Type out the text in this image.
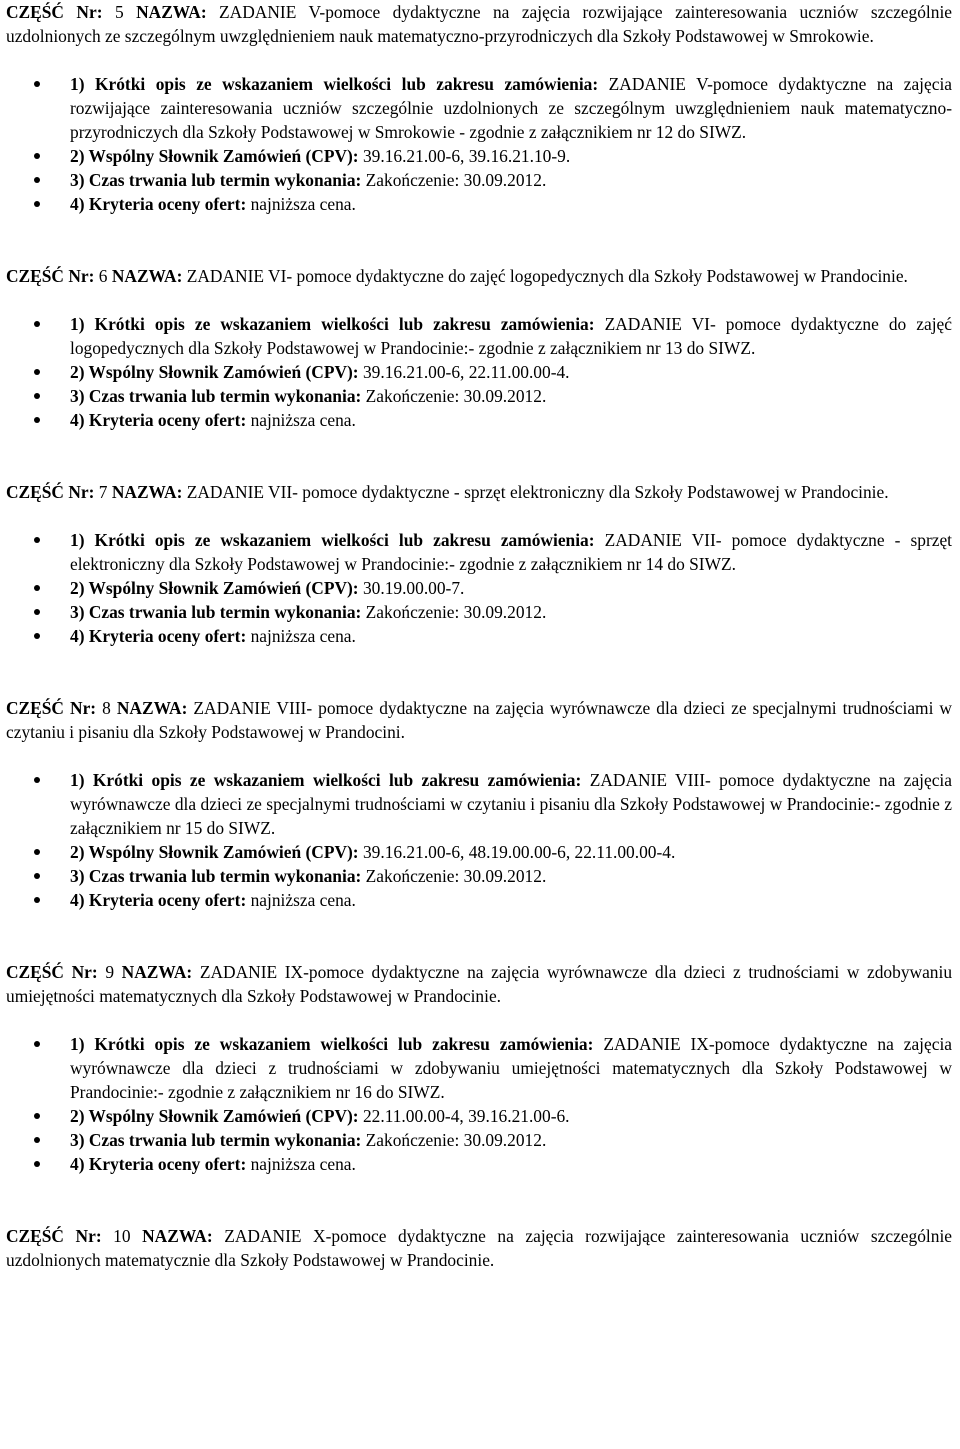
CZĘŚĆ Nr: 5 NAZWA: ZADANIE V-pomoce dydaktyczne na zajęcia rozwijające zainteresowania uczniów szczególnie uzdolnionych ze szczególnym uwzględnieniem nauk matematyczno-przyrodniczych dla Szkoły Podstawowej w Smrokowie.

1) Krótki opis ze wskazaniem wielkości lub zakresu zamówienia: ZADANIE V-pomoce dydaktyczne na zajęcia rozwijające zainteresowania uczniów szczególnie uzdolnionych ze szczególnym uwzględnieniem nauk matematyczno-przyrodniczych dla Szkoły Podstawowej w Smrokowie - zgodnie z załącznikiem nr 12 do SIWZ.
2) Wspólny Słownik Zamówień (CPV): 39.16.21.00-6, 39.16.21.10-9.
3) Czas trwania lub termin wykonania: Zakończenie: 30.09.2012.
4) Kryteria oceny ofert: najniższa cena.

CZĘŚĆ Nr: 6 NAZWA: ZADANIE VI- pomoce dydaktyczne do zajęć logopedycznych dla Szkoły Podstawowej w Prandocinie.

1) Krótki opis ze wskazaniem wielkości lub zakresu zamówienia: ZADANIE VI- pomoce dydaktyczne do zajęć logopedycznych dla Szkoły Podstawowej w Prandocinie:- zgodnie z załącznikiem nr 13 do SIWZ.
2) Wspólny Słownik Zamówień (CPV): 39.16.21.00-6, 22.11.00.00-4.
3) Czas trwania lub termin wykonania: Zakończenie: 30.09.2012.
4) Kryteria oceny ofert: najniższa cena.

CZĘŚĆ Nr: 7 NAZWA: ZADANIE VII- pomoce dydaktyczne - sprzęt elektroniczny dla Szkoły Podstawowej w Prandocinie.

1) Krótki opis ze wskazaniem wielkości lub zakresu zamówienia: ZADANIE VII- pomoce dydaktyczne - sprzęt elektroniczny dla Szkoły Podstawowej w Prandocinie:- zgodnie z załącznikiem nr 14 do SIWZ.
2) Wspólny Słownik Zamówień (CPV): 30.19.00.00-7.
3) Czas trwania lub termin wykonania: Zakończenie: 30.09.2012.
4) Kryteria oceny ofert: najniższa cena.

CZĘŚĆ Nr: 8 NAZWA: ZADANIE VIII- pomoce dydaktyczne na zajęcia wyrównawcze dla dzieci ze specjalnymi trudnościami w czytaniu i pisaniu dla Szkoły Podstawowej w Prandocini.

1) Krótki opis ze wskazaniem wielkości lub zakresu zamówienia: ZADANIE VIII- pomoce dydaktyczne na zajęcia wyrównawcze dla dzieci ze specjalnymi trudnościami w czytaniu i pisaniu dla Szkoły Podstawowej w Prandocinie:- zgodnie z załącznikiem nr 15 do SIWZ.
2) Wspólny Słownik Zamówień (CPV): 39.16.21.00-6, 48.19.00.00-6, 22.11.00.00-4.
3) Czas trwania lub termin wykonania: Zakończenie: 30.09.2012.
4) Kryteria oceny ofert: najniższa cena.

CZĘŚĆ Nr: 9 NAZWA: ZADANIE IX-pomoce dydaktyczne na zajęcia wyrównawcze dla dzieci z trudnościami w zdobywaniu umiejętności matematycznych dla Szkoły Podstawowej w Prandocinie.

1) Krótki opis ze wskazaniem wielkości lub zakresu zamówienia: ZADANIE IX-pomoce dydaktyczne na zajęcia wyrównawcze dla dzieci z trudnościami w zdobywaniu umiejętności matematycznych dla Szkoły Podstawowej w Prandocinie:- zgodnie z załącznikiem nr 16 do SIWZ.
2) Wspólny Słownik Zamówień (CPV): 22.11.00.00-4, 39.16.21.00-6.
3) Czas trwania lub termin wykonania: Zakończenie: 30.09.2012.
4) Kryteria oceny ofert: najniższa cena.

CZĘŚĆ Nr: 10 NAZWA: ZADANIE X-pomoce dydaktyczne na zajęcia rozwijające zainteresowania uczniów szczególnie uzdolnionych matematycznie dla Szkoły Podstawowej w Prandocinie.
